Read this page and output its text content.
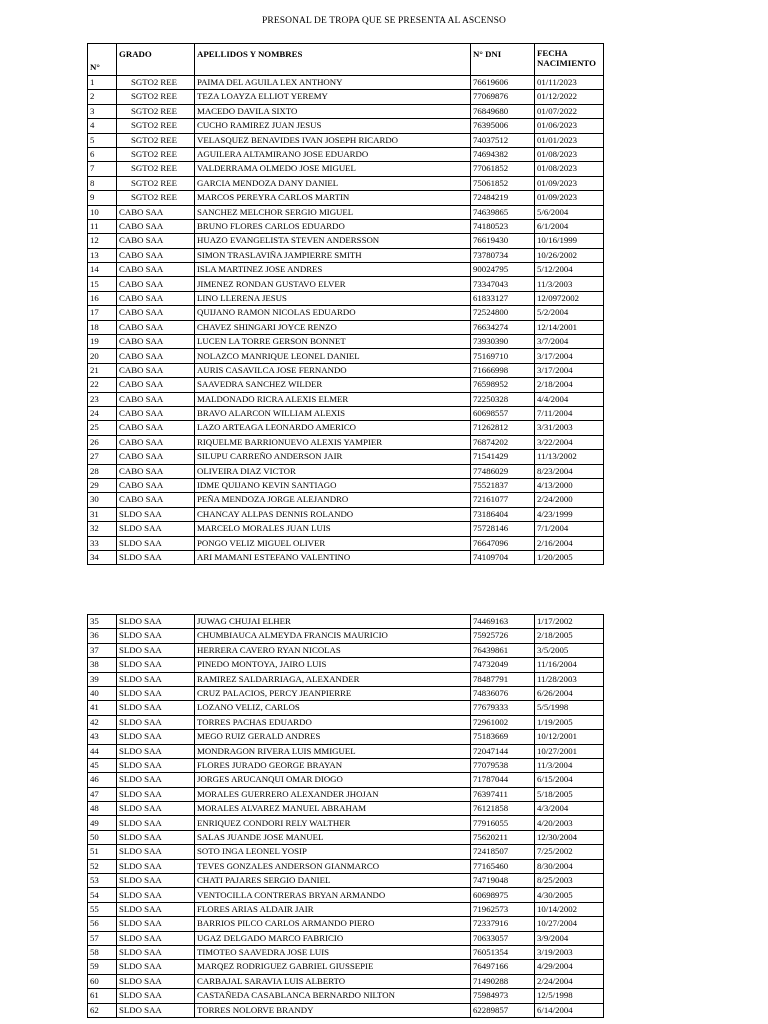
PRESONAL DE TROPA QUE SE PRESENTA AL ASCENSO
N°	GRADO	APELLIDOS Y NOMBRES	N° DNI	FECHA
NACIMIENTO
1	SGTO2 REE	PAIMA DEL AGUILA LEX ANTHONY	76619606	01/11/2023
2	SGTO2 REE	TEZA LOAYZA ELLIOT YEREMY	77069876	01/12/2022
3	SGTO2 REE	MACEDO DAVILA SIXTO	76849680	01/07/2022
4	SGTO2 REE	CUCHO RAMIREZ JUAN JESUS	76395006	01/06/2023
5	SGTO2 REE	VELASQUEZ BENAVIDES IVAN JOSEPH RICARDO	74037512	01/01/2023
6	SGTO2 REE	AGUILERA ALTAMIRANO JOSE EDUARDO	74694382	01/08/2023
7	SGTO2 REE	VALDERRAMA OLMEDO JOSE MIGUEL	77061852	01/08/2023
8	SGTO2 REE	GARCIA MENDOZA DANY DANIEL	75061852	01/09/2023
9	SGTO2 REE	MARCOS PEREYRA CARLOS MARTIN	72484219	01/09/2023
10	CABO SAA	SANCHEZ MELCHOR SERGIO MIGUEL	74639865	5/6/2004
11	CABO SAA	BRUNO FLORES CARLOS EDUARDO	74180523	6/1/2004
12	CABO SAA	HUAZO EVANGELISTA STEVEN ANDERSSON	76619430	10/16/1999
13	CABO SAA	SIMON TRASLAVIÑA JAMPIERRE SMITH	73780734	10/26/2002
14	CABO SAA	ISLA MARTINEZ JOSE ANDRES	90024795	5/12/2004
15	CABO SAA	JIMENEZ RONDAN GUSTAVO ELVER	73347043	11/3/2003
16	CABO SAA	LINO LLERENA JESUS	61833127	12/0972002
17	CABO SAA	QUIJANO RAMON NICOLAS EDUARDO	72524800	5/2/2004
18	CABO SAA	CHAVEZ SHINGARI JOYCE RENZO	76634274	12/14/2001
19	CABO SAA	LUCEN LA TORRE GERSON BONNET	73930390	3/7/2004
20	CABO SAA	NOLAZCO MANRIQUE LEONEL DANIEL	75169710	3/17/2004
21	CABO SAA	AURIS CASAVILCA JOSE FERNANDO	71666998	3/17/2004
22	CABO SAA	SAAVEDRA SANCHEZ WILDER	76598952	2/18/2004
23	CABO SAA	MALDONADO RICRA ALEXIS ELMER	72250328	4/4/2004
24	CABO SAA	BRAVO ALARCON WILLIAM ALEXIS	60698557	7/11/2004
25	CABO SAA	LAZO ARTEAGA LEONARDO AMERICO	71262812	3/31/2003
26	CABO SAA	RIQUELME BARRIONUEVO ALEXIS YAMPIER	76874202	3/22/2004
27	CABO SAA	SILUPU CARREÑO ANDERSON JAIR	71541429	11/13/2002
28	CABO SAA	OLIVEIRA DIAZ VICTOR	77486029	8/23/2004
29	CABO SAA	IDME QUIJANO KEVIN SANTIAGO	75521837	4/13/2000
30	CABO SAA	PEÑA MENDOZA JORGE ALEJANDRO	72161077	2/24/2000
31	SLDO SAA	CHANCAY ALLPAS DENNIS ROLANDO	73186404	4/23/1999
32	SLDO SAA	MARCELO MORALES JUAN LUIS	75728146	7/1/2004
33	SLDO SAA	PONGO VELIZ MIGUEL OLIVER	76647096	2/16/2004
34	SLDO SAA	ARI MAMANI ESTEFANO VALENTINO	74109704	1/20/2005
35	SLDO SAA	JUWAG CHUJAI ELHER	74469163	1/17/2002
36	SLDO SAA	CHUMBIAUCA ALMEYDA FRANCIS MAURICIO	75925726	2/18/2005
37	SLDO SAA	HERRERA CAVERO RYAN NICOLAS	76439861	3/5/2005
38	SLDO SAA	PINEDO MONTOYA, JAIRO LUIS	74732049	11/16/2004
39	SLDO SAA	RAMIREZ SALDARRIAGA, ALEXANDER	78487791	11/28/2003
40	SLDO SAA	CRUZ PALACIOS, PERCY JEANPIERRE	74836076	6/26/2004
41	SLDO SAA	LOZANO VELIZ, CARLOS	77679333	5/5/1998
42	SLDO SAA	TORRES PACHAS EDUARDO	72961002	1/19/2005
43	SLDO SAA	MEGO RUIZ GERALD ANDRES	75183669	10/12/2001
44	SLDO SAA	MONDRAGON RIVERA LUIS MMIGUEL	72047144	10/27/2001
45	SLDO SAA	FLORES JURADO GEORGE BRAYAN	77079538	11/3/2004
46	SLDO SAA	JORGES ARUCANQUI OMAR DIOGO	71787044	6/15/2004
47	SLDO SAA	MORALES GUERRERO ALEXANDER JHOJAN	76397411	5/18/2005
48	SLDO SAA	MORALES ALVAREZ MANUEL ABRAHAM	76121858	4/3/2004
49	SLDO SAA	ENRIQUEZ CONDORI RELY WALTHER	77916055	4/20/2003
50	SLDO SAA	SALAS JUANDE JOSE MANUEL	75620211	12/30/2004
51	SLDO SAA	SOTO INGA LEONEL YOSIP	72418507	7/25/2002
52	SLDO SAA	TEVES GONZALES ANDERSON GIANMARCO	77165460	8/30/2004
53	SLDO SAA	CHATI PAJARES SERGIO DANIEL	74719048	8/25/2003
54	SLDO SAA	VENTOCILLA CONTRERAS BRYAN ARMANDO	60698975	4/30/2005
55	SLDO SAA	FLORES ARIAS ALDAIR JAIR	71962573	10/14/2002
56	SLDO SAA	BARRIOS PILCO CARLOS ARMANDO PIERO	72337916	10/27/2004
57	SLDO SAA	UGAZ DELGADO MARCO FABRICIO	70633057	3/9/2004
58	SLDO SAA	TIMOTEO SAAVEDRA JOSE LUIS	76051354	3/19/2003
59	SLDO SAA	MARQEZ RODRIGUEZ GABRIEL GIUSSEPIE	76497166	4/29/2004
60	SLDO SAA	CARBAJAL SARAVIA LUIS ALBERTO	71490288	2/24/2004
61	SLDO SAA	CASTAÑEDA CASABLANCA BERNARDO NILTON	75984973	12/5/1998
62	SLDO SAA	TORRES NOLORVE BRANDY	62289857	6/14/2004
